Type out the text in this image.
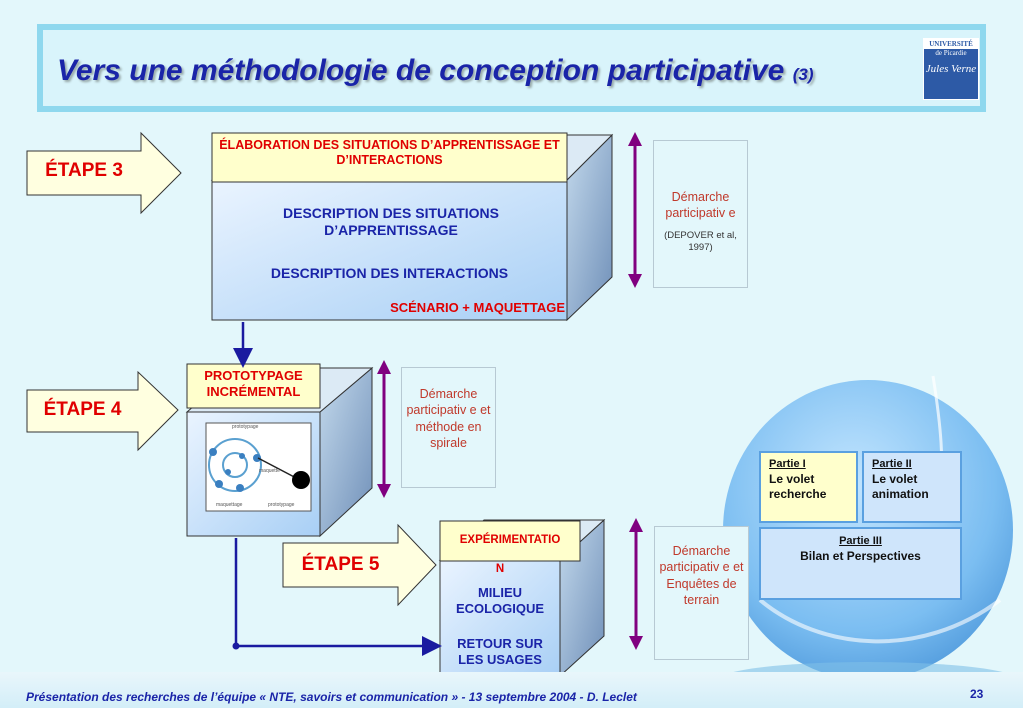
Vers une méthodologie de conception participative (3)
UNIVERSITÉ
de Picardie
Jules Verne
ÉTAPE 3
ÉTAPE 4
ÉTAPE 5
ÉLABORATION DES SITUATIONS D’APPRENTISSAGE ET D’INTERACTIONS
DESCRIPTION DES SITUATIONS D’APPRENTISSAGE
DESCRIPTION DES INTERACTIONS
SCÉNARIO + MAQUETTAGE
PROTOTYPAGE INCRÉMENTAL
prototypage
maquette
maquettage	prototypage
EXPÉRIMENTATIO
N
MILIEU ECOLOGIQUE
RETOUR SUR LES USAGES
Démarche participativ e
(DEPOVER et al, 1997)
Démarche participativ e et méthode en spirale
Démarche participativ e et Enquêtes de terrain
Partie I
Le volet recherche
Partie II
Le volet animation
Partie III
Bilan et Perspectives
Présentation des recherches de l’équipe « NTE, savoirs et communication » - 13 septembre 2004 - D. Leclet	23
